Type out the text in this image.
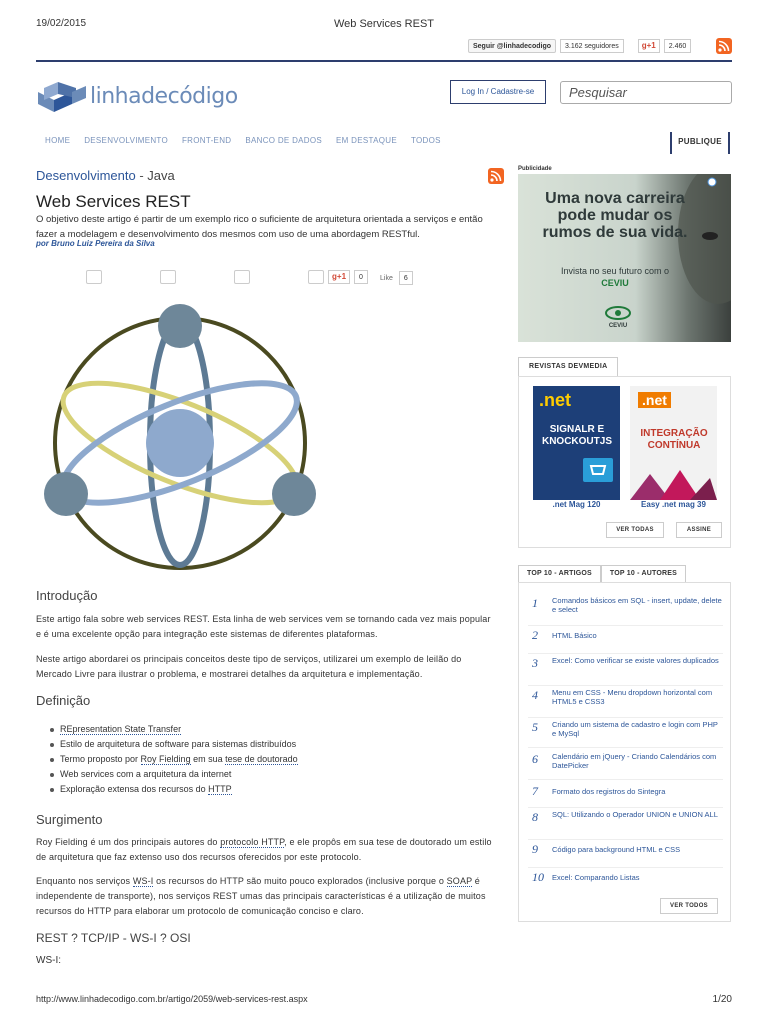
19/02/2015	Web Services REST
Seguir @linhadecodigo	3.162 seguidores	g+1	2.460
linhadecódigo	Log In / Cadastre-se	Pesquisar
HOME DESENVOLVIMENTO FRONT-END BANCO DE DADOS EM DESTAQUE TODOS	PUBLIQUE
Desenvolvimento - Java
Web Services REST

O objetivo deste artigo é partir de um exemplo rico o suficiente de arquitetura orientada a serviços e então fazer a modelagem e desenvolvimento dos mesmos com uso de uma abordagem RESTful.

por Bruno Luiz Pereira da Silva
g+1	0	Like	6
Introdução

Este artigo fala sobre web services REST. Esta linha de web services vem se tornando cada vez mais popular e é uma excelente opção para integração este sistemas de diferentes plataformas.

Neste artigo abordarei os principais conceitos deste tipo de serviços, utilizarei um exemplo de leilão do Mercado Livre para ilustrar o problema, e mostrarei detalhes da arquitetura e implementação.

Definição
REpresentation State Transfer
Estilo de arquitetura de software para sistemas distribuídos
Termo proposto por Roy Fielding em sua tese de doutorado
Web services com a arquitetura da internet
Exploração extensa dos recursos do HTTP
Surgimento

Roy Fielding é um dos principais autores do protocolo HTTP, e ele propôs em sua tese de doutorado um estilo de arquitetura que faz extenso uso dos recursos oferecidos por este protocolo.

Enquanto nos serviços WS-I os recursos do HTTP são muito pouco explorados (inclusive porque o SOAP é independente de transporte), nos serviços REST umas das principais características é a utilização de muitos recursos do HTTP para elaborar um protocolo de comunicação conciso e claro.

REST ? TCP/IP - WS-I ? OSI
WS-I:
Publicidade
Uma nova carreira pode mudar os rumos de sua vida.
Invista no seu futuro com o CEVIU
CEVIU
REVISTAS DEVMEDIA
.net
SIGNALR E KNOCKOUTJS
.net
INTEGRAÇÃO CONTÍNUA
.net Mag 120	Easy .net mag 39
VER TODAS	ASSINE
TOP 10 - ARTIGOS	TOP 10 - AUTORES
1	Comandos básicos em SQL - insert, update, delete e select
2	HTML Básico
3	Excel: Como verificar se existe valores duplicados
4	Menu em CSS - Menu dropdown horizontal com HTML5 e CSS3
5	Criando um sistema de cadastro e login com PHP e MySql
6	Calendário em jQuery - Criando Calendários com DatePicker
7	Formato dos registros do Sintegra
8	SQL: Utilizando o Operador UNION e UNION ALL
9	Código para background HTML e CSS
10	Excel: Comparando Listas
VER TODOS
http://www.linhadecodigo.com.br/artigo/2059/web-services-rest.aspx	1/20
